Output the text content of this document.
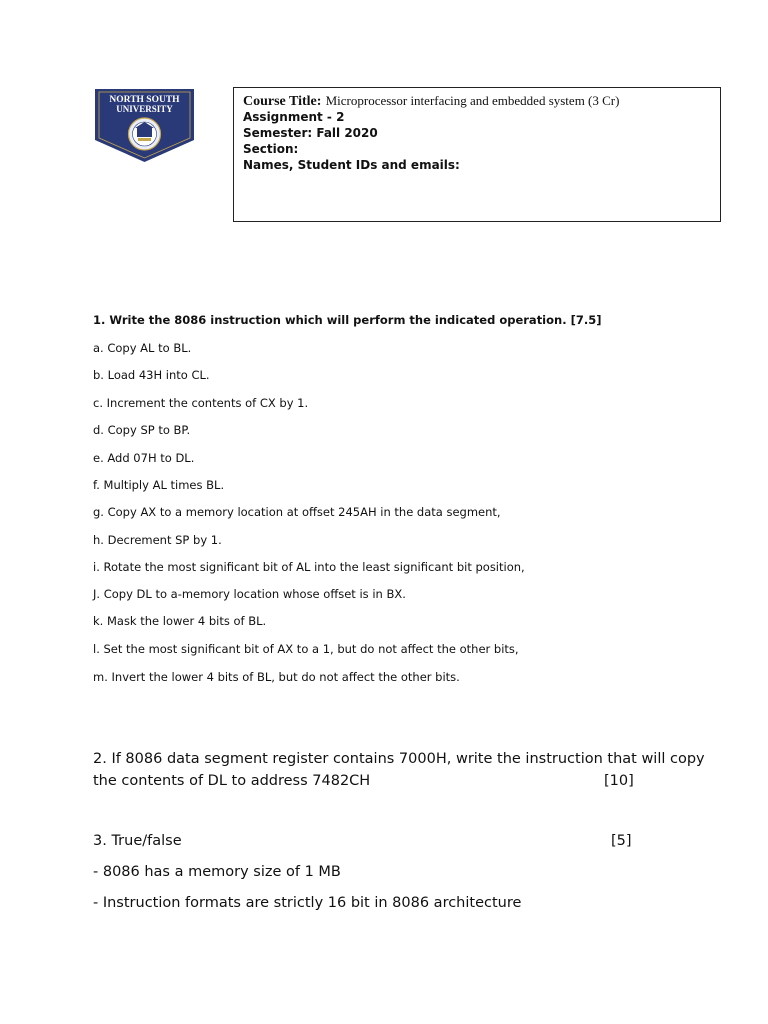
NORTH SOUTH
UNIVERSITY	Course Title: Microprocessor interfacing and embedded system (3 Cr)
Assignment - 2
Semester: Fall 2020
Section:
Names, Student IDs and emails:
1. Write the 8086 instruction which will perform the indicated operation. [7.5]
a. Copy AL to BL.
b. Load 43H into CL.
c. Increment the contents of CX by 1.
d. Copy SP to BP.
e. Add 07H to DL.
f. Multiply AL times BL.
g. Copy AX to a memory location at offset 245AH in the data segment,
h. Decrement SP by 1.
i. Rotate the most significant bit of AL into the least significant bit position,
J. Copy DL to a-memory location whose offset is in BX.
k. Mask the lower 4 bits of BL.
l. Set the most significant bit of AX to a 1, but do not affect the other bits,
m. Invert the lower 4 bits of BL, but do not affect the other bits.
2. If 8086 data segment register contains 7000H, write the instruction that will copy
the contents of DL to address 7482CH	[10]
3. True/false	[5]
- 8086 has a memory size of 1 MB
- Instruction formats are strictly 16 bit in 8086 architecture
